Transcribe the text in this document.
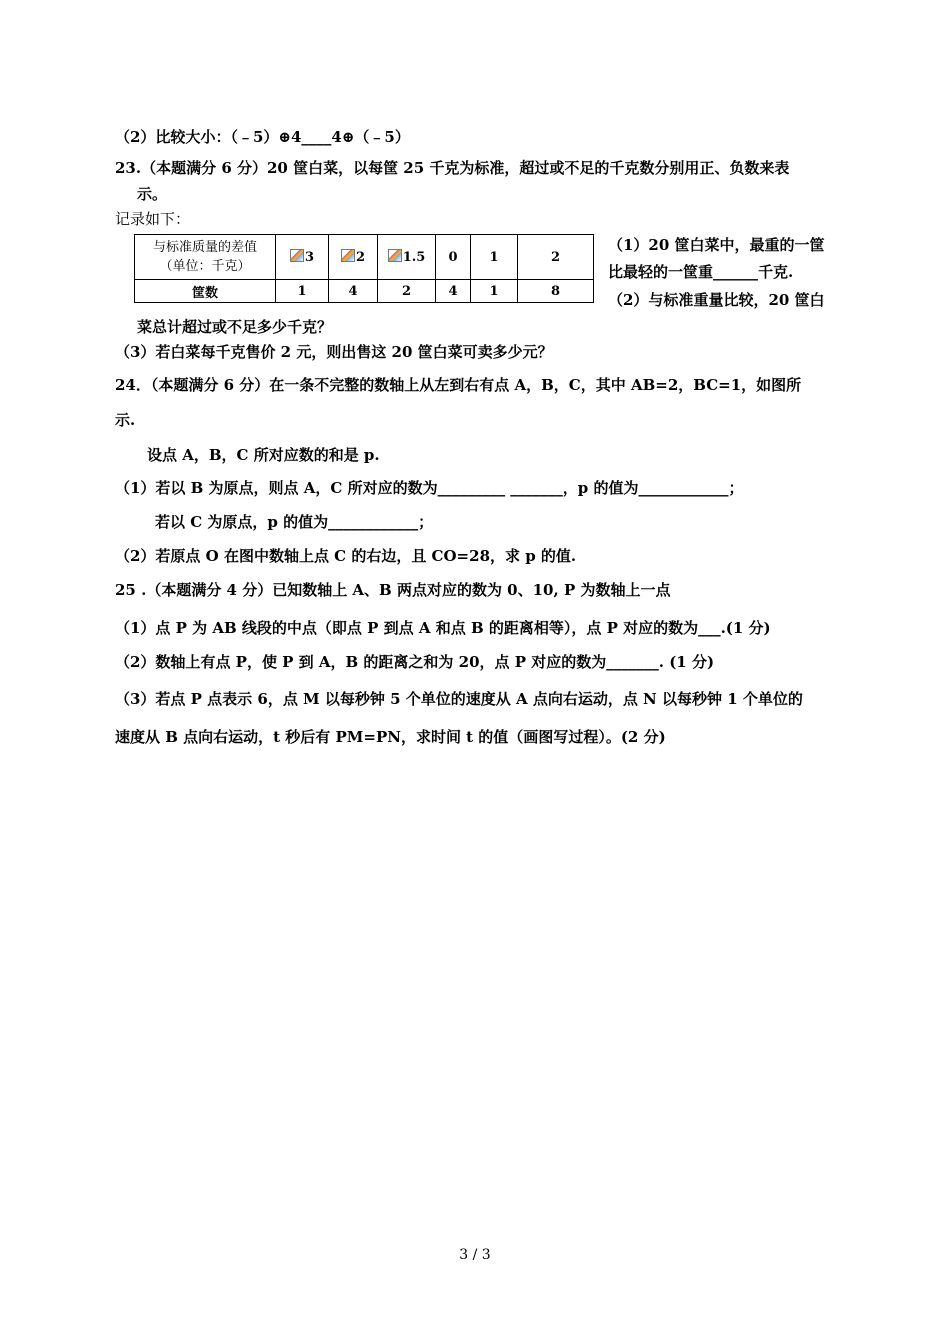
（2）比较大小：（﹣5）⊕4____4⊕（﹣5）
23.（本题满分 6 分）20 筐白菜，以每筐 25 千克为标准，超过或不足的千克数分别用正、负数来表
示。
记录如下：
与标准质量的差值
（单位：千克）	3	2	1.5	0	1	2
筐数	1	4	2	4	1	8
（1）20 筐白菜中，最重的一筐
比最轻的一筐重______千克.
（2）与标准重量比较，20 筐白
菜总计超过或不足多少千克？
（3）若白菜每千克售价 2 元，则出售这 20 筐白菜可卖多少元？
24．（本题满分 6 分）在一条不完整的数轴上从左到右有点 A，B，C，其中 AB=2，BC=1，如图所
示.
设点 A，B，C 所对应数的和是 p.
（1）若以 B 为原点，则点 A，C 所对应的数为_________ _______，p 的值为____________；
若以 C 为原点，p 的值为____________；
（2）若原点 O 在图中数轴上点 C 的右边，且 CO=28，求 p 的值.
25 .（本题满分 4 分）已知数轴上 A、B 两点对应的数为 0、10, P 为数轴上一点
（1）点 P 为 AB 线段的中点（即点 P 到点 A 和点 B 的距离相等），点 P 对应的数为___.(1 分)
（2）数轴上有点 P，使 P 到 A，B 的距离之和为 20，点 P 对应的数为_______. (1 分)
（3）若点 P 点表示 6，点 M 以每秒钟 5 个单位的速度从 A 点向右运动，点 N 以每秒钟 1 个单位的
速度从 B 点向右运动，t 秒后有 PM=PN，求时间 t 的值（画图写过程）。(2 分)
3 / 3
